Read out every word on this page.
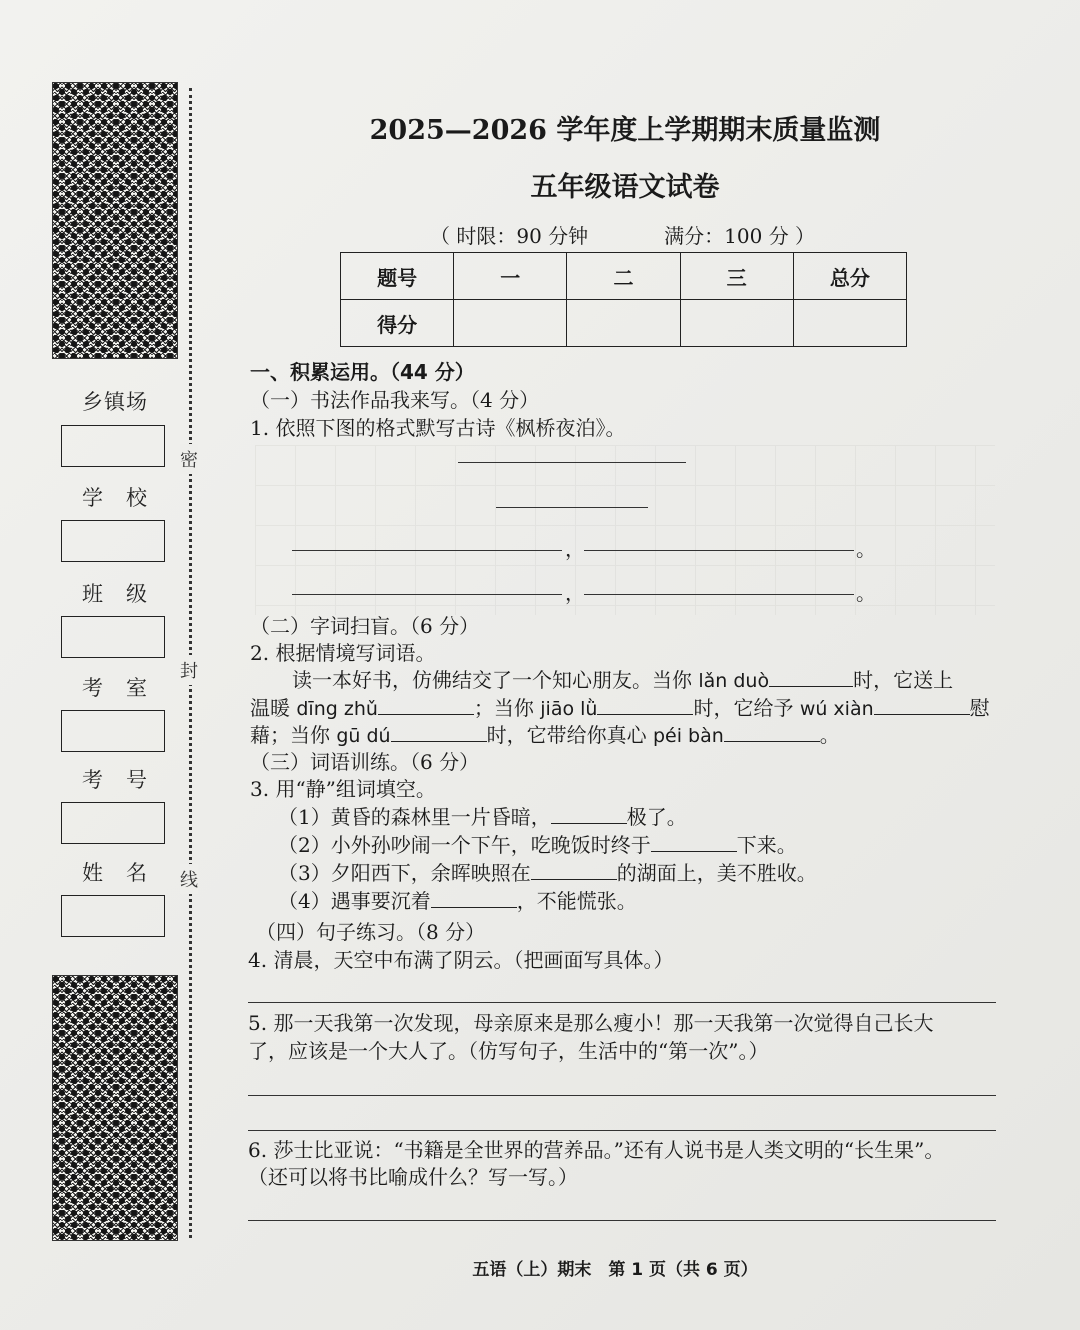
密
封
线
乡镇场
学　校
班　级
考　室
考　号
姓　名
2025—2026 学年度上学期期末质量监测
五年级语文试卷
（ 时限：90 分钟	满分：100 分 ）
题号	一	二	三	总分
得分				
一、积累运用。（44 分）
（一）书法作品我来写。（4 分）
1. 依照下图的格式默写古诗《枫桥夜泊》。
，	。
，	。
（二）字词扫盲。（6 分）
2. 根据情境写词语。
读一本好书，仿佛结交了一个知心朋友。当你 lǎn duò	时，它送上
温暖 dīng zhǔ	；当你 jiāo lǜ	时，它给予 wú xiàn	慰
藉；当你 gū dú	时，它带给你真心 péi bàn	。
（三）词语训练。（6 分）
3. 用“静”组词填空。
（1）黄昏的森林里一片昏暗，	极了。
（2）小外孙吵闹一个下午，吃晚饭时终于	下来。
（3）夕阳西下，余晖映照在	的湖面上，美不胜收。
（4）遇事要沉着	，不能慌张。
（四）句子练习。（8 分）
4. 清晨，天空中布满了阴云。（把画面写具体。）
5. 那一天我第一次发现，母亲原来是那么瘦小！那一天我第一次觉得自己长大
了，应该是一个大人了。（仿写句子，生活中的“第一次”。）
6. 莎士比亚说：“书籍是全世界的营养品。”还有人说书是人类文明的“长生果”。
（还可以将书比喻成什么？写一写。）
五语（上）期末　第 1 页（共 6 页）
